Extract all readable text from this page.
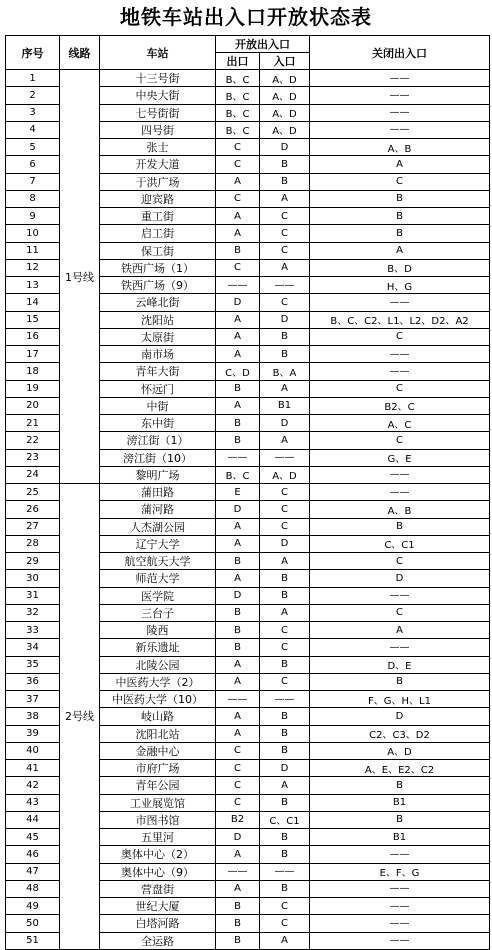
地铁车站出入口开放状态表
序号	线路	车站	开放出入口		关闭出入口
			出口	入口	
1	1号线	十三号街	B、C	A、D	——
2		中央大街	B、C	A、D	——
3		七号街街	B、C	A、D	——
4		四号街	B、C	A、D	——
5		张士	C	D	A、B
6		开发大道	C	B	A
7		于洪广场	A	B	C
8		迎宾路	C	A	B
9		重工街	A	C	B
10		启工街	A	C	B
11		保工街	B	C	A
12		铁西广场（1）	C	A	B、D
13		铁西广场（9）	——	——	H、G
14		云峰北街	D	C	——
15		沈阳站	A	D	B、C、C2、L1、L2、D2、A2
16		太原街	A	B	C
17		南市场	A	B	——
18		青年大街	C、D	B、A	——
19		怀远门	B	A	C
20		中街	A	B1	B2、C
21		东中街	B	D	A、C
22		滂江街（1）	B	A	C
23		滂江街（10）	——	——	G、E
24		黎明广场	B、C	A、D	——
25	2号线	蒲田路	E	C	——
26		蒲河路	D	C	A、B
27		人杰湖公园	A	C	B
28		辽宁大学	A	D	C、C1
29		航空航天大学	B	A	C
30		师范大学	A	B	D
31		医学院	D	B	——
32		三台子	B	A	C
33		陵西	B	C	A
34		新乐遗址	B	C	——
35		北陵公园	A	B	D、E
36		中医药大学（2）	A	C	B
37		中医药大学（10）	——	——	F、G、H、L1
38		岐山路	A	B	D
39		沈阳北站	A	B	C2、C3、D2
40		金融中心	C	B	A、D
41		市府广场	C	D	A、E、E2、C2
42		青年公园	C	A	B
43		工业展览馆	C	B	B1
44		市图书馆	B2	C、C1	B
45		五里河	D	B	B1
46		奥体中心（2）	A	B	——
47		奥体中心（9）	——	——	E、F、G
48		营盘街	A	B	——
49		世纪大厦	B	C	——
50		白塔河路	B	C	——
51		全运路	B	A	——
